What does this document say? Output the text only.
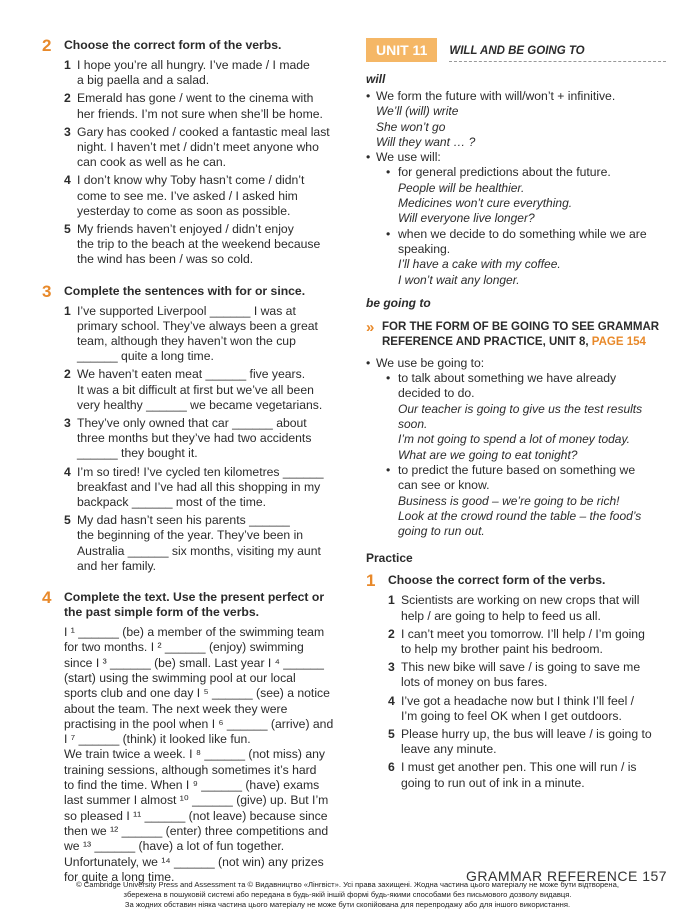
2	Choose the correct form of the verbs.
1 I hope you’re all hungry. I’ve made / I made
a big paella and a salad.
2 Emerald has gone / went to the cinema with
her friends. I’m not sure when she’ll be home.
3 Gary has cooked / cooked a fantastic meal last
night. I haven’t met / didn’t meet anyone who
can cook as well as he can.
4 I don’t know why Toby hasn’t come / didn’t
come to see me. I’ve asked / I asked him
yesterday to come as soon as possible.
5 My friends haven’t enjoyed / didn’t enjoy
the trip to the beach at the weekend because
the wind has been / was so cold.
3	Complete the sentences with for or since.
1 I’ve supported Liverpool ______ I was at
primary school. They’ve always been a great
team, although they haven’t won the cup
______ quite a long time.
2 We haven’t eaten meat ______ five years.
It was a bit difficult at first but we’ve all been
very healthy ______ we became vegetarians.
3 They’ve only owned that car ______ about
three months but they’ve had two accidents
______ they bought it.
4 I’m so tired! I’ve cycled ten kilometres ______
breakfast and I’ve had all this shopping in my
backpack ______ most of the time.
5 My dad hasn’t seen his parents ______
the beginning of the year. They’ve been in
Australia ______ six months, visiting my aunt
and her family.
4	Complete the text. Use the present perfect or
the past simple form of the verbs.
I ¹ ______ (be) a member of the swimming team
for two months. I ² ______ (enjoy) swimming
since I ³ ______ (be) small. Last year I ⁴ ______
(start) using the swimming pool at our local
sports club and one day I ⁵ ______ (see) a notice
about the team. The next week they were
practising in the pool when I ⁶ ______ (arrive) and
I ⁷ ______ (think) it looked like fun.
We train twice a week. I ⁸ ______ (not miss) any
training sessions, although sometimes it’s hard
to find the time. When I ⁹ ______ (have) exams
last summer I almost ¹⁰ ______ (give) up. But I’m
so pleased I ¹¹ ______ (not leave) because since
then we ¹² ______ (enter) three competitions and
we ¹³ ______ (have) a lot of fun together.
Unfortunately, we ¹⁴ ______ (not win) any prizes
for quite a long time.
UNIT 11	WILL AND BE GOING TO
will
• We form the future with will/won’t + infinitive.
We’ll (will) write
She won’t go
Will they want … ?
• We use will:
• for general predictions about the future.
People will be healthier.
Medicines won’t cure everything.
Will everyone live longer?
• when we decide to do something while we are
speaking.
I’ll have a cake with my coffee.
I won’t wait any longer.
be going to
» FOR THE FORM OF BE GOING TO SEE GRAMMAR
REFERENCE AND PRACTICE, UNIT 8, PAGE 154
• We use be going to:
• to talk about something we have already
decided to do.
Our teacher is going to give us the test results
soon.
I’m not going to spend a lot of money today.
What are we going to eat tonight?
• to predict the future based on something we
can see or know.
Business is good – we’re going to be rich!
Look at the crowd round the table – the food’s
going to run out.
Practice
1	Choose the correct form of the verbs.
1 Scientists are working on new crops that will
help / are going to help to feed us all.
2 I can’t meet you tomorrow. I’ll help / I’m going
to help my brother paint his bedroom.
3 This new bike will save / is going to save me
lots of money on bus fares.
4 I’ve got a headache now but I think I’ll feel /
I’m going to feel OK when I get outdoors.
5 Please hurry up, the bus will leave / is going to
leave any minute.
6 I must get another pen. This one will run / is
going to run out of ink in a minute.
GRAMMAR REFERENCE 157
© Cambridge University Press and Assessment та © Видавництво «Лінгвіст». Усі права захищені. Жодна частина цього матеріалу не може бути відтворена,
збережена в пошуковій системі або передана в будь-якій іншій формі будь-якими способами без письмового дозволу видавця.
За жодних обставин ніяка частина цього матеріалу не може бути скопійована для перепродажу або для іншого використання.
